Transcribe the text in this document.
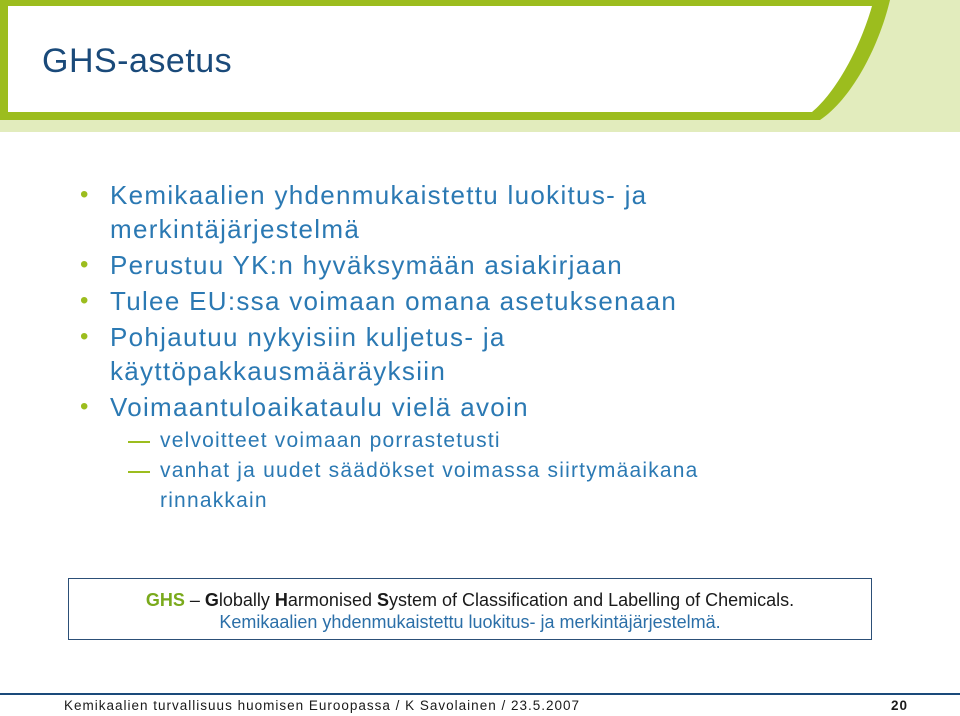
GHS-asetus
• Kemikaalien yhdenmukaistettu luokitus- ja
merkintäjärjestelmä
• Perustuu YK:n hyväksymään asiakirjaan
• Tulee EU:ssa voimaan omana asetuksenaan
• Pohjautuu nykyisiin kuljetus- ja
käyttöpakkausmääräyksiin
• Voimaantuloaikataulu vielä avoin
velvoitteet voimaan porrastetusti
vanhat ja uudet säädökset voimassa siirtymäaikana
rinnakkain
GHS – Globally Harmonised System of Classification and Labelling of Chemicals.
Kemikaalien yhdenmukaistettu luokitus- ja merkintäjärjestelmä.
Kemikaalien turvallisuus huomisen Euroopassa / K Savolainen / 23.5.2007	20
